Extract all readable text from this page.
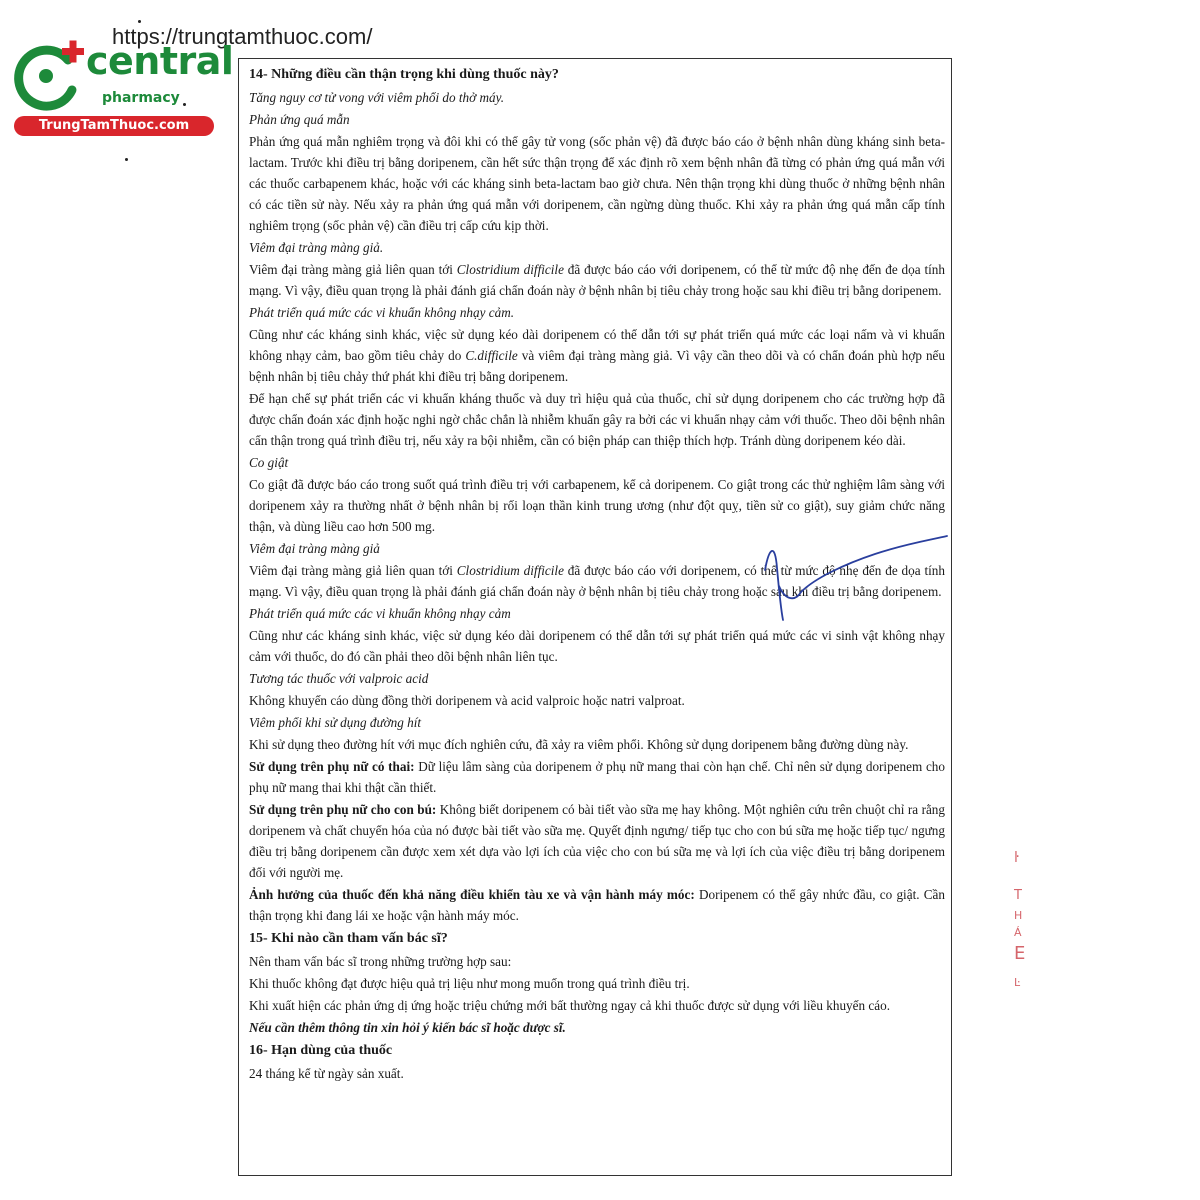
https://trungtamthuoc.com/
central
pharmacy
TrungTamThuoc.com

14- Những điều cần thận trọng khi dùng thuốc này?

Tăng nguy cơ tử vong với viêm phổi do thở máy.

Phản ứng quá mẫn

Phản ứng quá mẫn nghiêm trọng và đôi khi có thể gây tử vong (sốc phản vệ) đã được báo cáo ở bệnh nhân dùng kháng sinh beta-lactam. Trước khi điều trị bằng doripenem, cần hết sức thận trọng để xác định rõ xem bệnh nhân đã từng có phản ứng quá mẫn với các thuốc carbapenem khác, hoặc với các kháng sinh beta-lactam bao giờ chưa. Nên thận trọng khi dùng thuốc ở những bệnh nhân có các tiền sử này. Nếu xảy ra phản ứng quá mẫn với doripenem, cần ngừng dùng thuốc. Khi xảy ra phản ứng quá mẫn cấp tính nghiêm trọng (sốc phản vệ) cần điều trị cấp cứu kịp thời.

Viêm đại tràng màng giả.

Viêm đại tràng màng giả liên quan tới Clostridium difficile đã được báo cáo với doripenem, có thể từ mức độ nhẹ đến đe dọa tính mạng. Vì vậy, điều quan trọng là phải đánh giá chẩn đoán này ở bệnh nhân bị tiêu chảy trong hoặc sau khi điều trị bằng doripenem.

Phát triển quá mức các vi khuẩn không nhạy cảm.

Cũng như các kháng sinh khác, việc sử dụng kéo dài doripenem có thể dẫn tới sự phát triển quá mức các loại nấm và vi khuẩn không nhạy cảm, bao gồm tiêu chảy do C.difficile và viêm đại tràng màng giả. Vì vậy cần theo dõi và có chẩn đoán phù hợp nếu bệnh nhân bị tiêu chảy thứ phát khi điều trị bằng doripenem.

Để hạn chế sự phát triển các vi khuẩn kháng thuốc và duy trì hiệu quả của thuốc, chỉ sử dụng doripenem cho các trường hợp đã được chẩn đoán xác định hoặc nghi ngờ chắc chắn là nhiễm khuẩn gây ra bởi các vi khuẩn nhạy cảm với thuốc. Theo dõi bệnh nhân cẩn thận trong quá trình điều trị, nếu xảy ra bội nhiễm, cần có biện pháp can thiệp thích hợp. Tránh dùng doripenem kéo dài.

Co giật

Co giật đã được báo cáo trong suốt quá trình điều trị với carbapenem, kể cả doripenem. Co giật trong các thử nghiệm lâm sàng với doripenem xảy ra thường nhất ở bệnh nhân bị rối loạn thần kinh trung ương (như đột quỵ, tiền sử co giật), suy giảm chức năng thận, và dùng liều cao hơn 500 mg.

Viêm đại tràng màng giả

Viêm đại tràng màng giả liên quan tới Clostridium difficile đã được báo cáo với doripenem, có thể từ mức độ nhẹ đến đe dọa tính mạng. Vì vậy, điều quan trọng là phải đánh giá chẩn đoán này ở bệnh nhân bị tiêu chảy trong hoặc sau khi điều trị bằng doripenem.

Phát triển quá mức các vi khuẩn không nhạy cảm

Cũng như các kháng sinh khác, việc sử dụng kéo dài doripenem có thể dẫn tới sự phát triển quá mức các vi sinh vật không nhạy cảm với thuốc, do đó cần phải theo dõi bệnh nhân liên tục.

Tương tác thuốc với valproic acid

Không khuyến cáo dùng đồng thời doripenem và acid valproic hoặc natri valproat.

Viêm phổi khi sử dụng đường hít

Khi sử dụng theo đường hít với mục đích nghiên cứu, đã xảy ra viêm phổi. Không sử dụng doripenem bằng đường dùng này.

Sử dụng trên phụ nữ có thai: Dữ liệu lâm sàng của doripenem ở phụ nữ mang thai còn hạn chế. Chỉ nên sử dụng doripenem cho phụ nữ mang thai khi thật cần thiết.

Sử dụng trên phụ nữ cho con bú: Không biết doripenem có bài tiết vào sữa mẹ hay không. Một nghiên cứu trên chuột chỉ ra rằng doripenem và chất chuyển hóa của nó được bài tiết vào sữa mẹ. Quyết định ngưng/ tiếp tục cho con bú sữa mẹ hoặc tiếp tục/ ngưng điều trị bằng doripenem cần được xem xét dựa vào lợi ích của việc cho con bú sữa mẹ và lợi ích của việc điều trị bằng doripenem đối với người mẹ.

Ảnh hưởng của thuốc đến khả năng điều khiển tàu xe và vận hành máy móc: Doripenem có thể gây nhức đầu, co giật. Cần thận trọng khi đang lái xe hoặc vận hành máy móc.

15- Khi nào cần tham vấn bác sĩ?

Nên tham vấn bác sĩ trong những trường hợp sau:

Khi thuốc không đạt được hiệu quả trị liệu như mong muốn trong quá trình điều trị.

Khi xuất hiện các phản ứng dị ứng hoặc triệu chứng mới bất thường ngay cả khi thuốc được sử dụng với liều khuyến cáo.

Nếu cần thêm thông tin xin hỏi ý kiến bác sĩ hoặc dược sĩ.

16- Hạn dùng của thuốc

24 tháng kể từ ngày sản xuất.

ŀ
T
H
Á
E
Ŀ
